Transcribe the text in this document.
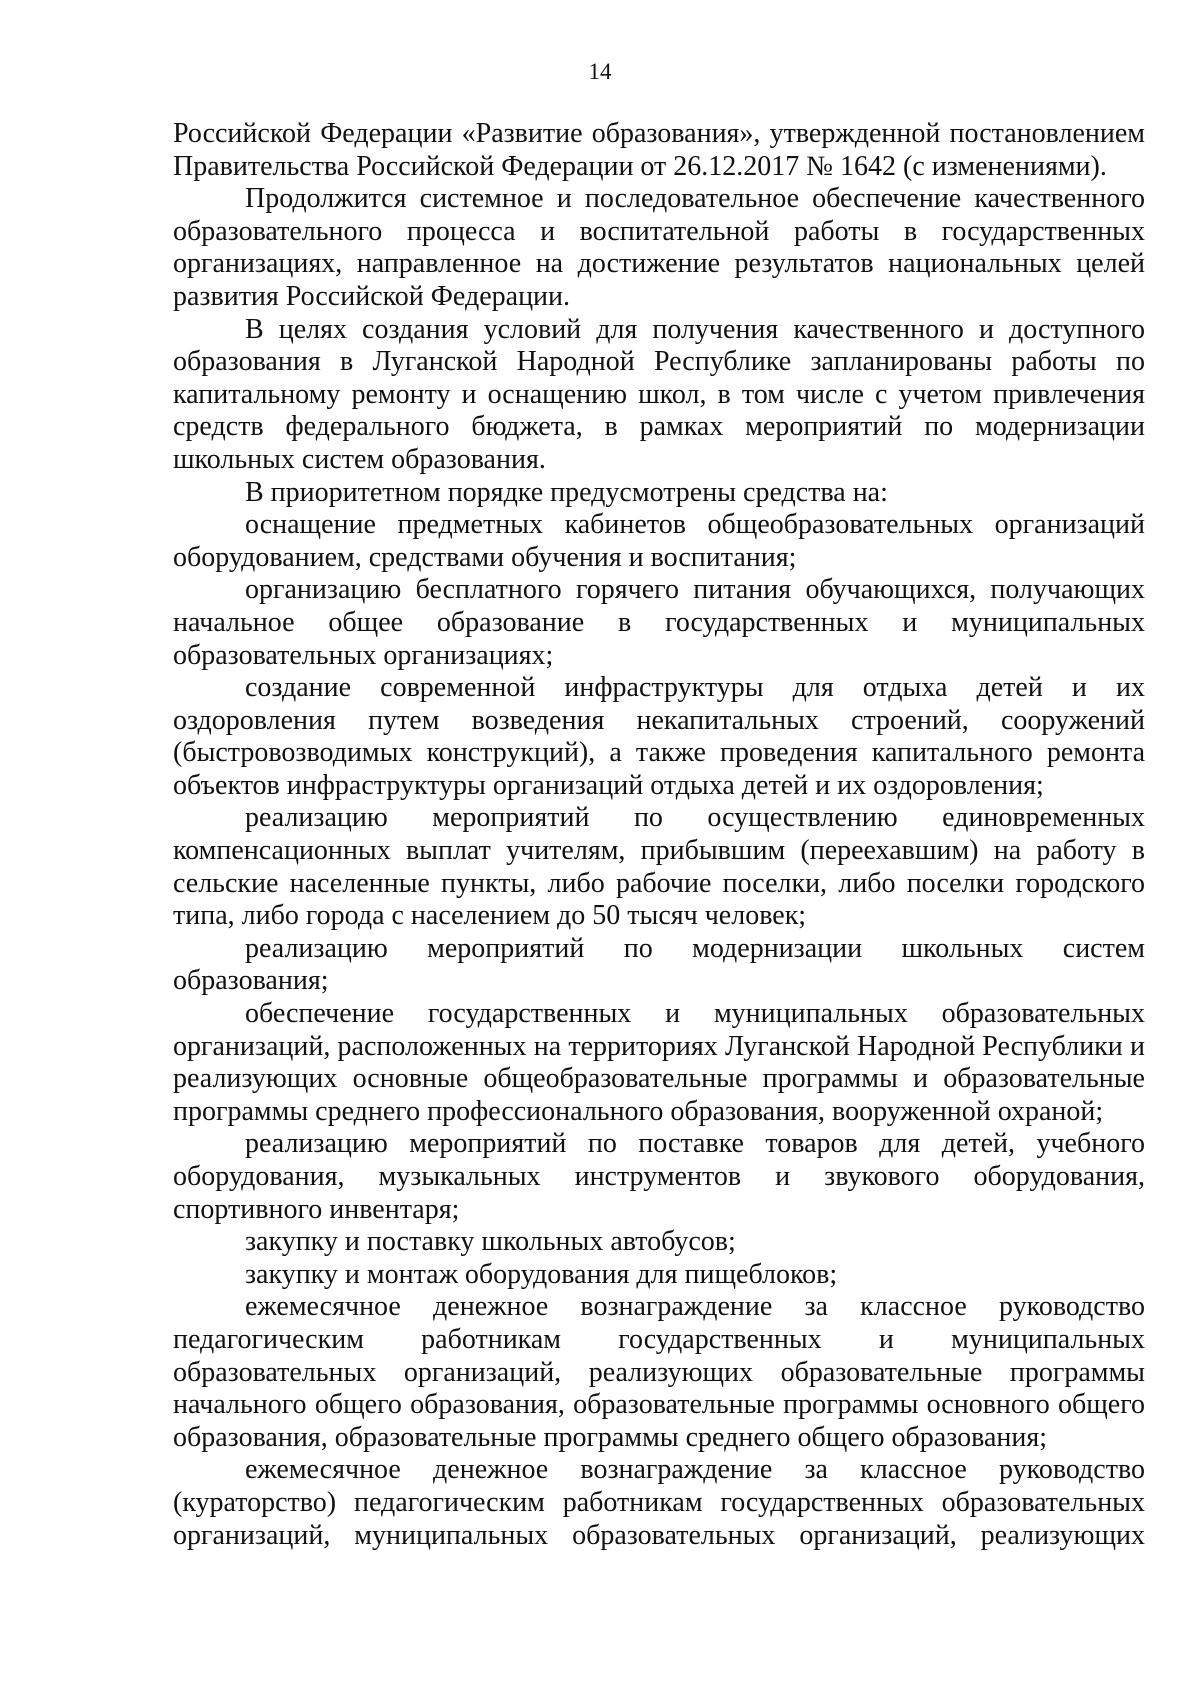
14

Российской Федерации «Развитие образования», утвержденной постановлением Правительства Российской Федерации от 26.12.2017 № 1642 (с изменениями).

Продолжится системное и последовательное обеспечение качественного образовательного процесса и воспитательной работы в государственных организациях, направленное на достижение результатов национальных целей развития Российской Федерации.

В целях создания условий для получения качественного и доступного образования в Луганской Народной Республике запланированы работы по капитальному ремонту и оснащению школ, в том числе с учетом привлечения средств федерального бюджета, в рамках мероприятий по модернизации школьных систем образования.

В приоритетном порядке предусмотрены средства на:

оснащение предметных кабинетов общеобразовательных организаций оборудованием, средствами обучения и воспитания;

организацию бесплатного горячего питания обучающихся, получающих начальное общее образование в государственных и муниципальных образовательных организациях;

создание современной инфраструктуры для отдыха детей и их оздоровления путем возведения некапитальных строений, сооружений (быстровозводимых конструкций), а также проведения капитального ремонта объектов инфраструктуры организаций отдыха детей и их оздоровления;

реализацию мероприятий по осуществлению единовременных компенсационных выплат учителям, прибывшим (переехавшим) на работу в сельские населенные пункты, либо рабочие поселки, либо поселки городского типа, либо города с населением до 50 тысяч человек;

реализацию мероприятий по модернизации школьных систем образования;

обеспечение государственных и муниципальных образовательных организаций, расположенных на территориях Луганской Народной Республики и реализующих основные общеобразовательные программы и образовательные программы среднего профессионального образования, вооруженной охраной;

реализацию мероприятий по поставке товаров для детей, учебного оборудования, музыкальных инструментов и звукового оборудования, спортивного инвентаря;

закупку и поставку школьных автобусов;

закупку и монтаж оборудования для пищеблоков;

ежемесячное денежное вознаграждение за классное руководство педагогическим работникам государственных и муниципальных образовательных организаций, реализующих образовательные программы начального общего образования, образовательные программы основного общего образования, образовательные программы среднего общего образования;

ежемесячное денежное вознаграждение за классное руководство (кураторство) педагогическим работникам государственных образовательных организаций, муниципальных образовательных организаций, реализующих
